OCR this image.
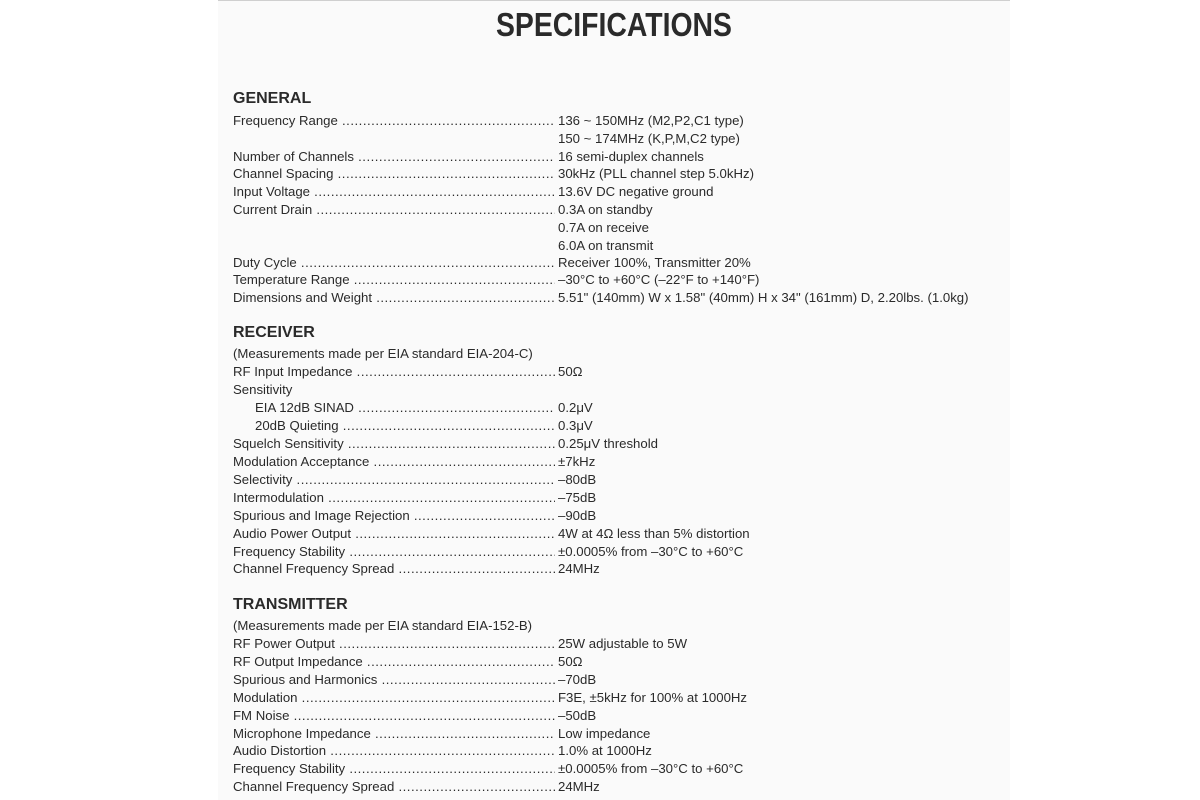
SPECIFICATIONS
GENERAL
Frequency Range .....	136 ~ 150MHz (M2,P2,C1 type)
150 ~ 174MHz (K,P,M,C2 type)
Number of Channels .....	16 semi-duplex channels
Channel Spacing .....	30kHz (PLL channel step 5.0kHz)
Input Voltage .....	13.6V DC negative ground
Current Drain .....	0.3A on standby
0.7A on receive
6.0A on transmit
Duty Cycle .....	Receiver 100%, Transmitter 20%
Temperature Range .....	–30°C to +60°C (–22°F to +140°F)
Dimensions and Weight .....	5.51" (140mm) W x 1.58" (40mm) H x 34" (161mm) D, 2.20lbs. (1.0kg)
RECEIVER
(Measurements made per EIA standard EIA-204-C)
RF Input Impedance .....	50Ω
Sensitivity
EIA 12dB SINAD .....	0.2μV
20dB Quieting .....	0.3μV
Squelch Sensitivity .....	0.25μV threshold
Modulation Acceptance .....	±7kHz
Selectivity .....	–80dB
Intermodulation .....	–75dB
Spurious and Image Rejection .....	–90dB
Audio Power Output .....	4W at 4Ω less than 5% distortion
Frequency Stability .....	±0.0005% from –30°C to +60°C
Channel Frequency Spread .....	24MHz
TRANSMITTER
(Measurements made per EIA standard EIA-152-B)
RF Power Output .....	25W adjustable to 5W
RF Output Impedance .....	50Ω
Spurious and Harmonics .....	–70dB
Modulation .....	F3E, ±5kHz for 100% at 1000Hz
FM Noise .....	–50dB
Microphone Impedance .....	Low impedance
Audio Distortion .....	1.0% at 1000Hz
Frequency Stability .....	±0.0005% from –30°C to +60°C
Channel Frequency Spread .....	24MHz
